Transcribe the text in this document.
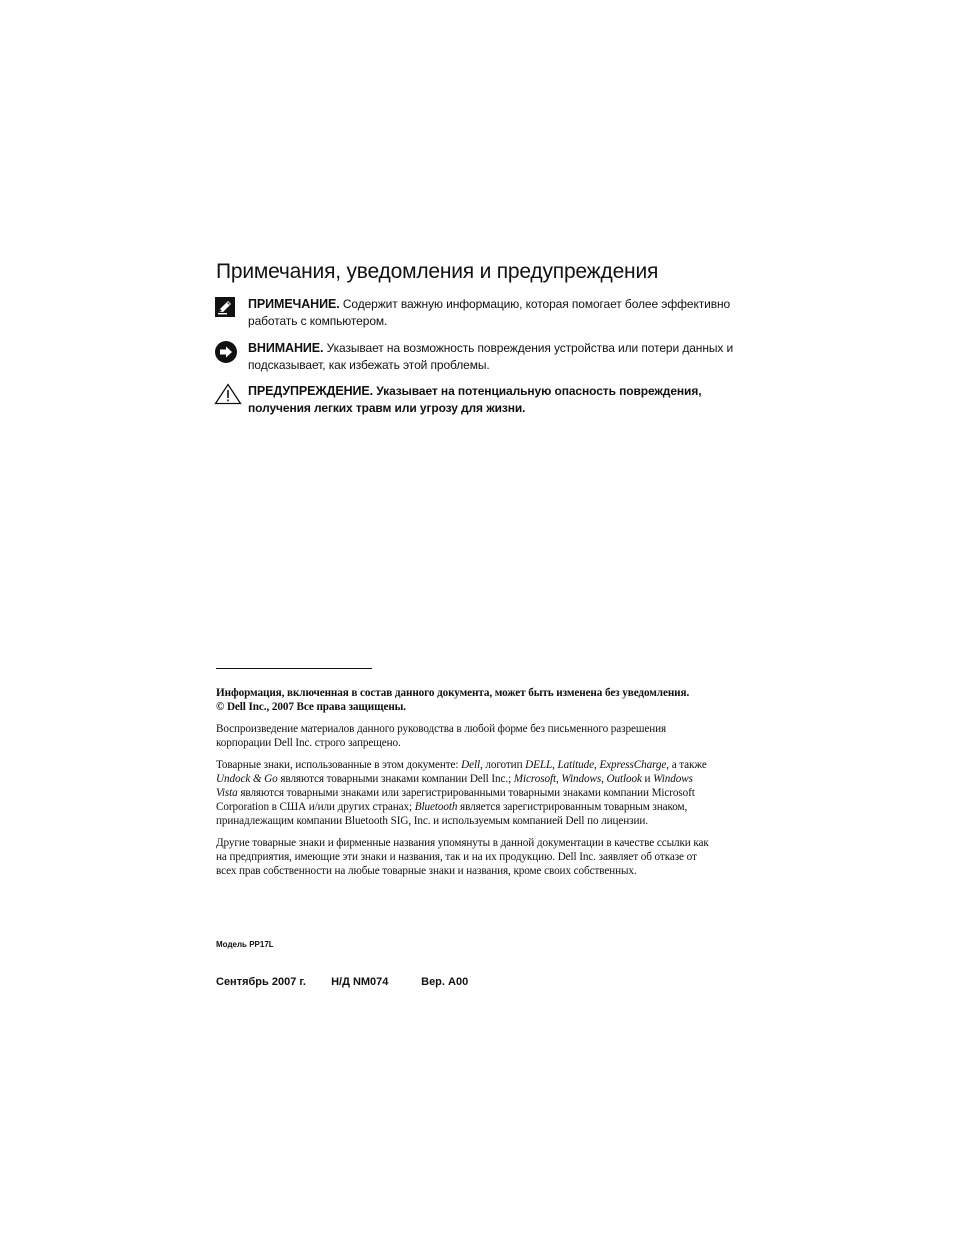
Примечания, уведомления и предупреждения
ПРИМЕЧАНИЕ. Содержит важную информацию, которая помогает более эффективно работать с компьютером.
ВНИМАНИЕ. Указывает на возможность повреждения устройства или потери данных и подсказывает, как избежать этой проблемы.
ПРЕДУПРЕЖДЕНИЕ. Указывает на потенциальную опасность повреждения, получения легких травм или угрозу для жизни.
Информация, включенная в состав данного документа, может быть изменена без уведомления.
© Dell Inc., 2007 Все права защищены.

Воспроизведение материалов данного руководства в любой форме без письменного разрешения корпорации Dell Inc. строго запрещено.

Товарные знаки, использованные в этом документе: Dell, логотип DELL, Latitude, ExpressCharge, а также Undock & Go являются товарными знаками компании Dell Inc.; Microsoft, Windows, Outlook и Windows Vista являются товарными знаками или зарегистрированными товарными знаками компании Microsoft Corporation в США и/или других странах; Bluetooth является зарегистрированным товарным знаком, принадлежащим компании Bluetooth SIG, Inc. и используемым компанией Dell по лицензии.

Другие товарные знаки и фирменные названия упомянуты в данной документации в качестве ссылки как на предприятия, имеющие эти знаки и названия, так и на их продукцию. Dell Inc. заявляет об отказе от всех прав собственности на любые товарные знаки и названия, кроме своих собственных.

Модель PP17L
Сентябрь 2007 г. Н/Д NM074	Вер. A00
